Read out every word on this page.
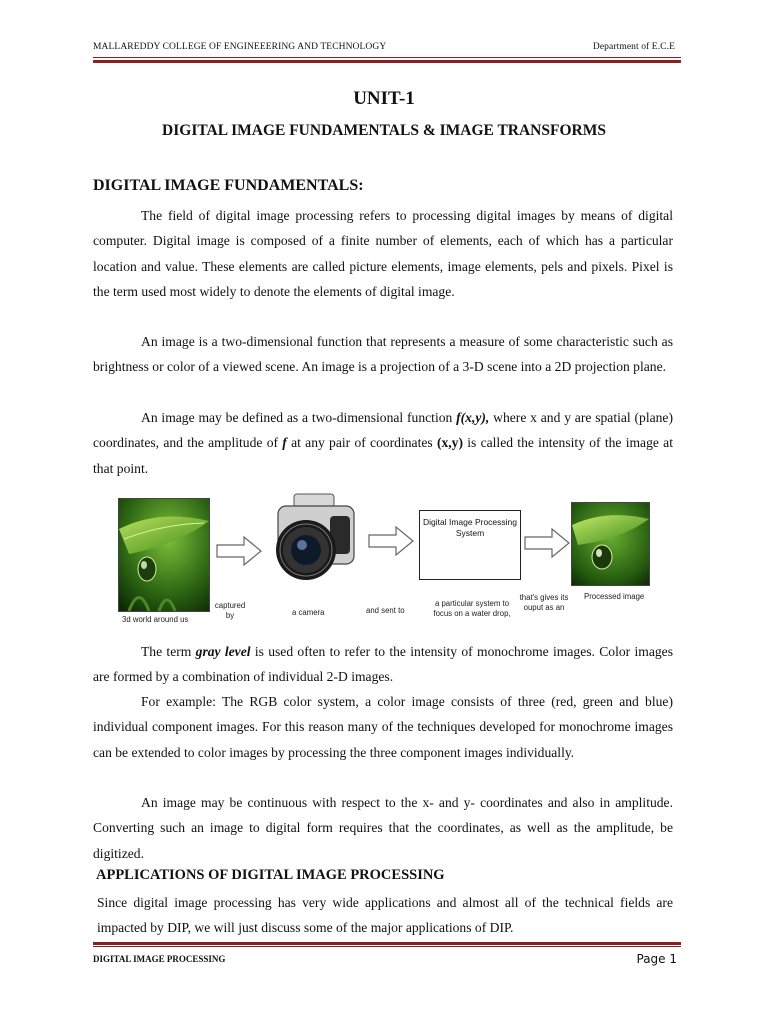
MALLAREDDY COLLEGE OF ENGINEEERING AND TECHNOLOGY	Department of E.C.E
UNIT-1
DIGITAL IMAGE FUNDAMENTALS & IMAGE TRANSFORMS
DIGITAL IMAGE FUNDAMENTALS:

The field of digital image processing refers to processing digital images by means of digital computer. Digital image is composed of a finite number of elements, each of which has a particular location and value. These elements are called picture elements, image elements, pels and pixels. Pixel is the term used most widely to denote the elements of digital image.

An image is a two-dimensional function that represents a measure of some characteristic such as brightness or color of a viewed scene. An image is a projection of a 3-D scene into a 2D projection plane.

An image may be defined as a two-dimensional function f(x,y), where x and y are spatial (plane) coordinates, and the amplitude of f at any pair of coordinates (x,y) is called the intensity of the image at that point.

3d world around us
captured
by	a camera	and sent to
Digital Image Processing
System
a particular system to
focus on a water drop,
that's gives its
ouput as an
Processed image

The term gray level is used often to refer to the intensity of monochrome images. Color images are formed by a combination of individual 2-D images.

For example: The RGB color system, a color image consists of three (red, green and blue) individual component images. For this reason many of the techniques developed for monochrome images can be extended to color images by processing the three component images individually.

An image may be continuous with respect to the x- and y- coordinates and also in amplitude. Converting such an image to digital form requires that the coordinates, as well as the amplitude, be digitized.

APPLICATIONS OF DIGITAL IMAGE PROCESSING

Since digital image processing has very wide applications and almost all of the technical fields are impacted by DIP, we will just discuss some of the major applications of DIP.

DIGITAL IMAGE PROCESSING	Page 1
